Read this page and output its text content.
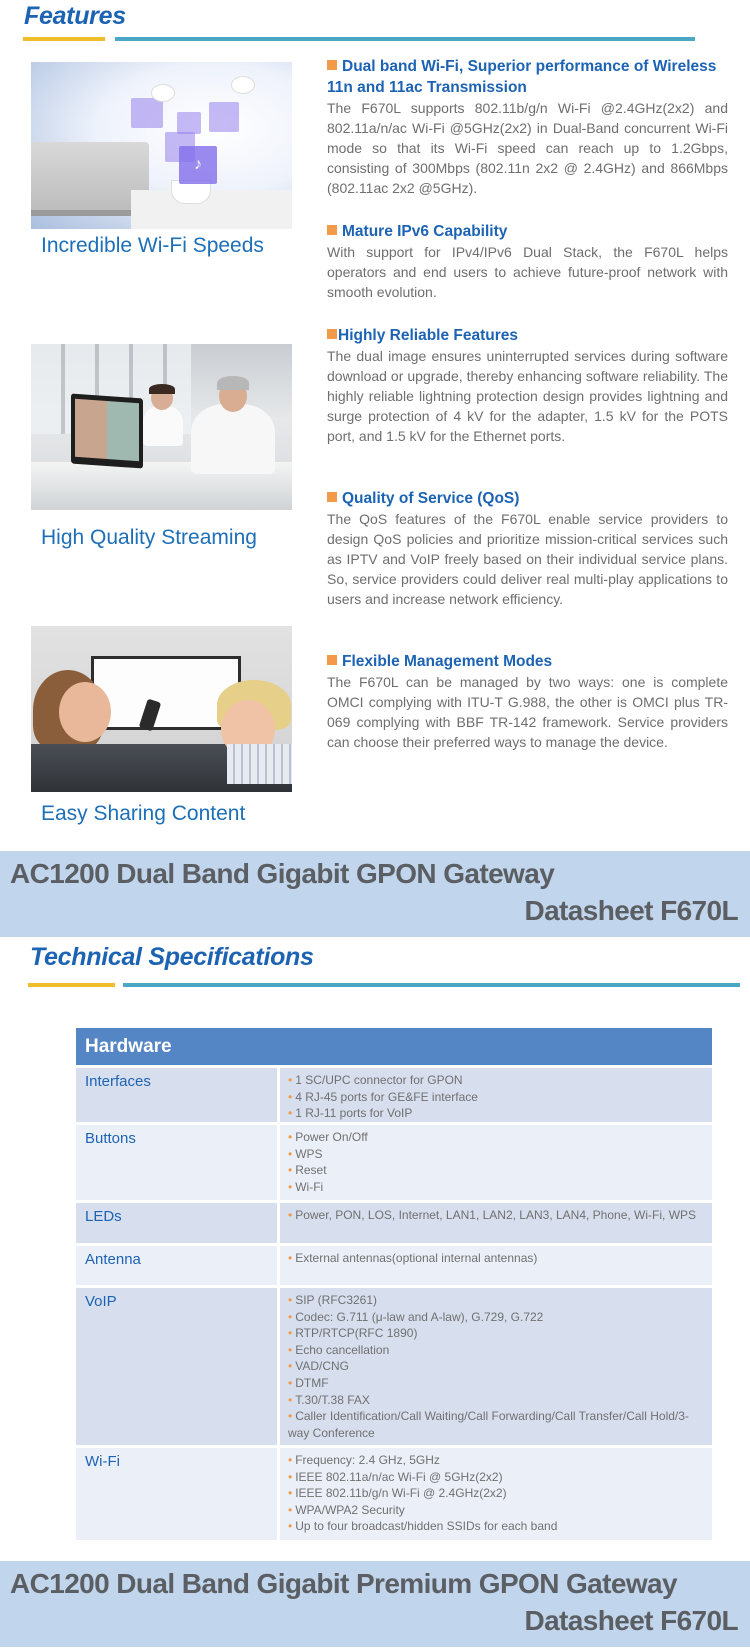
Features
♪
Incredible Wi-Fi Speeds
High Quality Streaming
Easy Sharing Content
Dual band Wi-Fi, Superior performance of Wireless 11n and 11ac Transmission
The F670L supports 802.11b/g/n Wi-Fi @2.4GHz(2x2) and 802.11a/n/ac Wi-Fi @5GHz(2x2) in Dual-Band concurrent Wi-Fi mode so that its Wi-Fi speed can reach up to 1.2Gbps, consisting of 300Mbps (802.11n 2x2 @ 2.4GHz) and 866Mbps (802.11ac 2x2 @5GHz).
Mature IPv6 Capability
With support for IPv4/IPv6 Dual Stack, the F670L helps operators and end users to achieve future-proof network with smooth evolution.
Highly Reliable Features
The dual image ensures uninterrupted services during software download or upgrade, thereby enhancing software reliability. The highly reliable lightning protection design provides lightning and surge protection of 4 kV for the adapter, 1.5 kV for the POTS port, and 1.5 kV for the Ethernet ports.
Quality of Service (QoS)
The QoS features of the F670L enable service providers to design QoS policies and prioritize mission-critical services such as IPTV and VoIP freely based on their individual service plans. So, service providers could deliver real multi-play applications to users and increase network efficiency.
Flexible Management Modes
The F670L can be managed by two ways: one is complete OMCI complying with ITU-T G.988, the other is OMCI plus TR-069 complying with BBF TR-142 framework. Service providers can choose their preferred ways to manage the device.
AC1200 Dual Band Gigabit GPON Gateway
Datasheet F670L
Technical Specifications
Hardware
Interfaces	• 1 SC/UPC connector for GPON
• 4 RJ-45 ports for GE&FE interface
• 1 RJ-11 ports for VoIP
Buttons	• Power On/Off
• WPS
• Reset
• Wi-Fi
LEDs	• Power, PON, LOS, Internet, LAN1, LAN2, LAN3, LAN4, Phone, Wi-Fi, WPS
Antenna	• External antennas(optional internal antennas)
VoIP	• SIP (RFC3261)
• Codec: G.711 (μ-law and A-law), G.729, G.722
• RTP/RTCP(RFC 1890)
• Echo cancellation
• VAD/CNG
• DTMF
• T.30/T.38 FAX
• Caller Identification/Call Waiting/Call Forwarding/Call Transfer/Call Hold/3-way Conference
Wi-Fi	• Frequency: 2.4 GHz, 5GHz
• IEEE 802.11a/n/ac Wi-Fi @ 5GHz(2x2)
• IEEE 802.11b/g/n Wi-Fi @ 2.4GHz(2x2)
• WPA/WPA2 Security
• Up to four broadcast/hidden SSIDs for each band
AC1200 Dual Band Gigabit Premium GPON Gateway
Datasheet F670L
